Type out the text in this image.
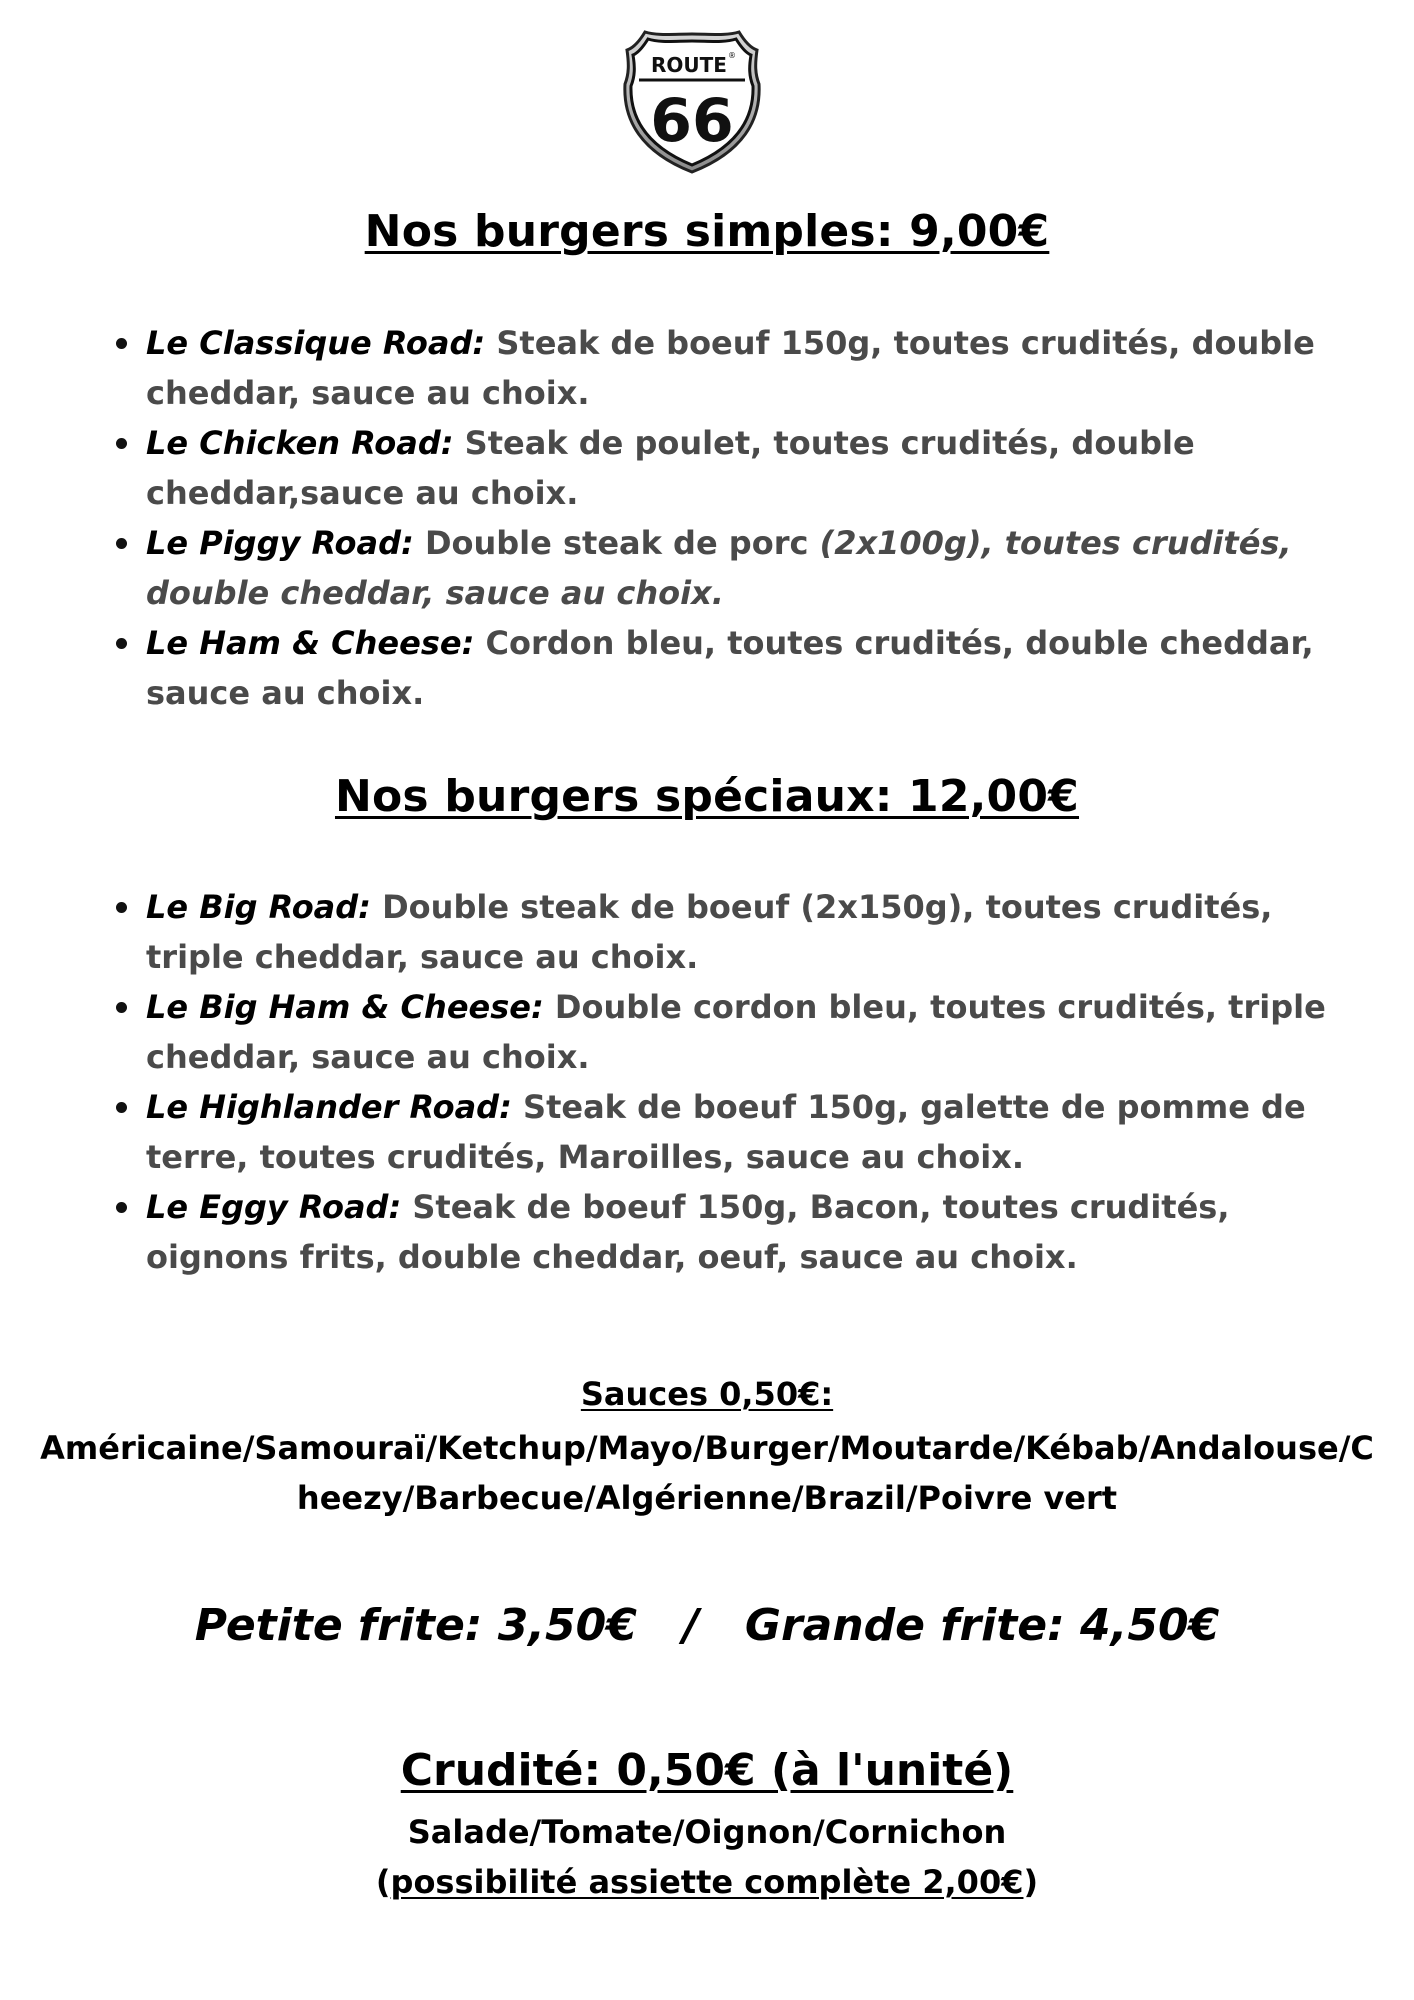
ROUTE ®
66
Nos burgers simples: 9,00€
Le Classique Road: Steak de boeuf 150g, toutes crudités, double cheddar, sauce au choix.
Le Chicken Road: Steak de poulet, toutes crudités, double cheddar,sauce au choix.
Le Piggy Road: Double steak de porc (2x100g), toutes crudités, double cheddar, sauce au choix.
Le Ham & Cheese: Cordon bleu, toutes crudités, double cheddar, sauce au choix.
Nos burgers spéciaux: 12,00€
Le Big Road: Double steak de boeuf (2x150g), toutes crudités, triple cheddar, sauce au choix.
Le Big Ham & Cheese: Double cordon bleu, toutes crudités, triple cheddar, sauce au choix.
Le Highlander Road: Steak de boeuf 150g, galette de pomme de terre, toutes crudités, Maroilles, sauce au choix.
Le Eggy Road: Steak de boeuf 150g, Bacon, toutes crudités, oignons frits, double cheddar, oeuf, sauce au choix.
Sauces 0,50€:
Américaine/Samouraï/Ketchup/Mayo/Burger/Moutarde/Kébab/Andalouse/Cheezy/Barbecue/Algérienne/Brazil/Poivre vert
Petite frite: 3,50€   /   Grande frite: 4,50€
Crudité: 0,50€ (à l'unité)
Salade/Tomate/Oignon/Cornichon
(possibilité assiette complète 2,00€)
